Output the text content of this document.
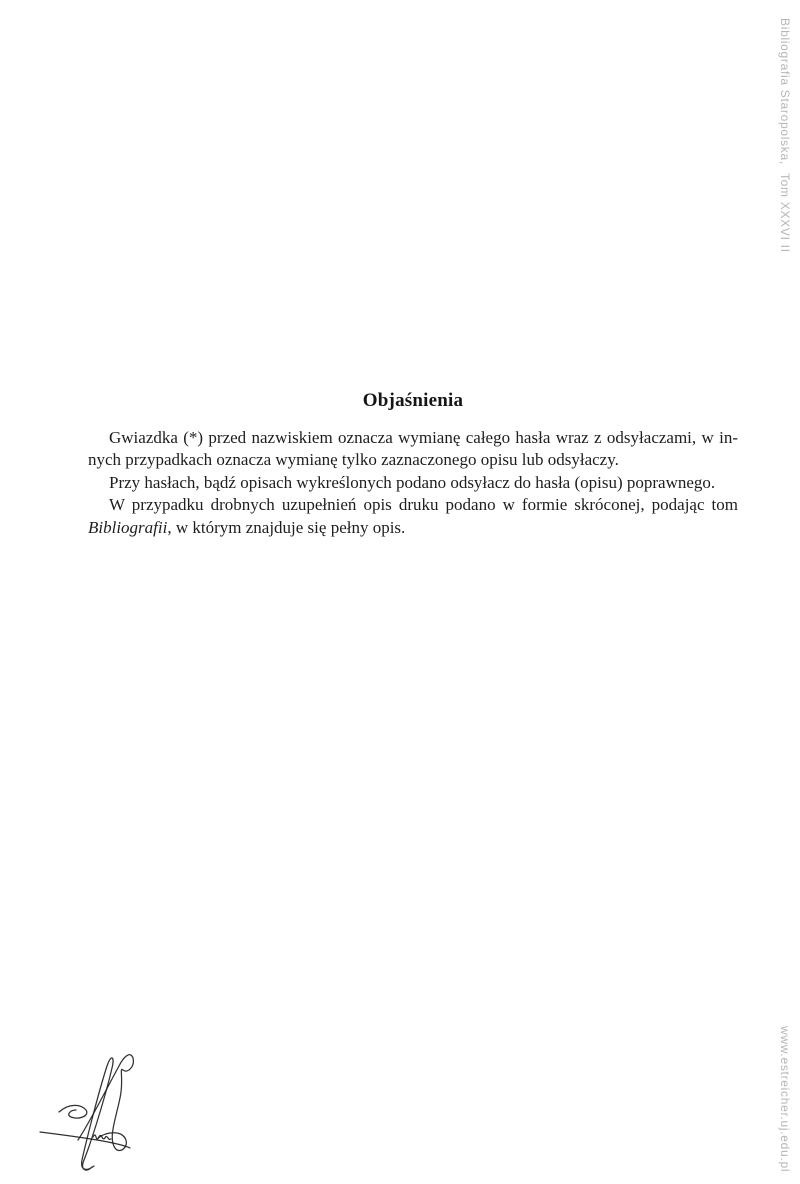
Bibliografia Staropolska,  Tom XXXVI II
Objaśnienia

Gwiazdka (*) przed nazwiskiem oznacza wymianę całego hasła wraz z odsyłaczami, w innych przypadkach oznacza wymianę tylko zaznaczonego opisu lub odsyłaczy.

Przy hasłach, bądź opisach wykreślonych podano odsyłacz do hasła (opisu) poprawnego.

W przypadku drobnych uzupełnień opis druku podano w formie skróconej, podając tom Bibliografii, w którym znajduje się pełny opis.

www.estreicher.uj.edu.pl
